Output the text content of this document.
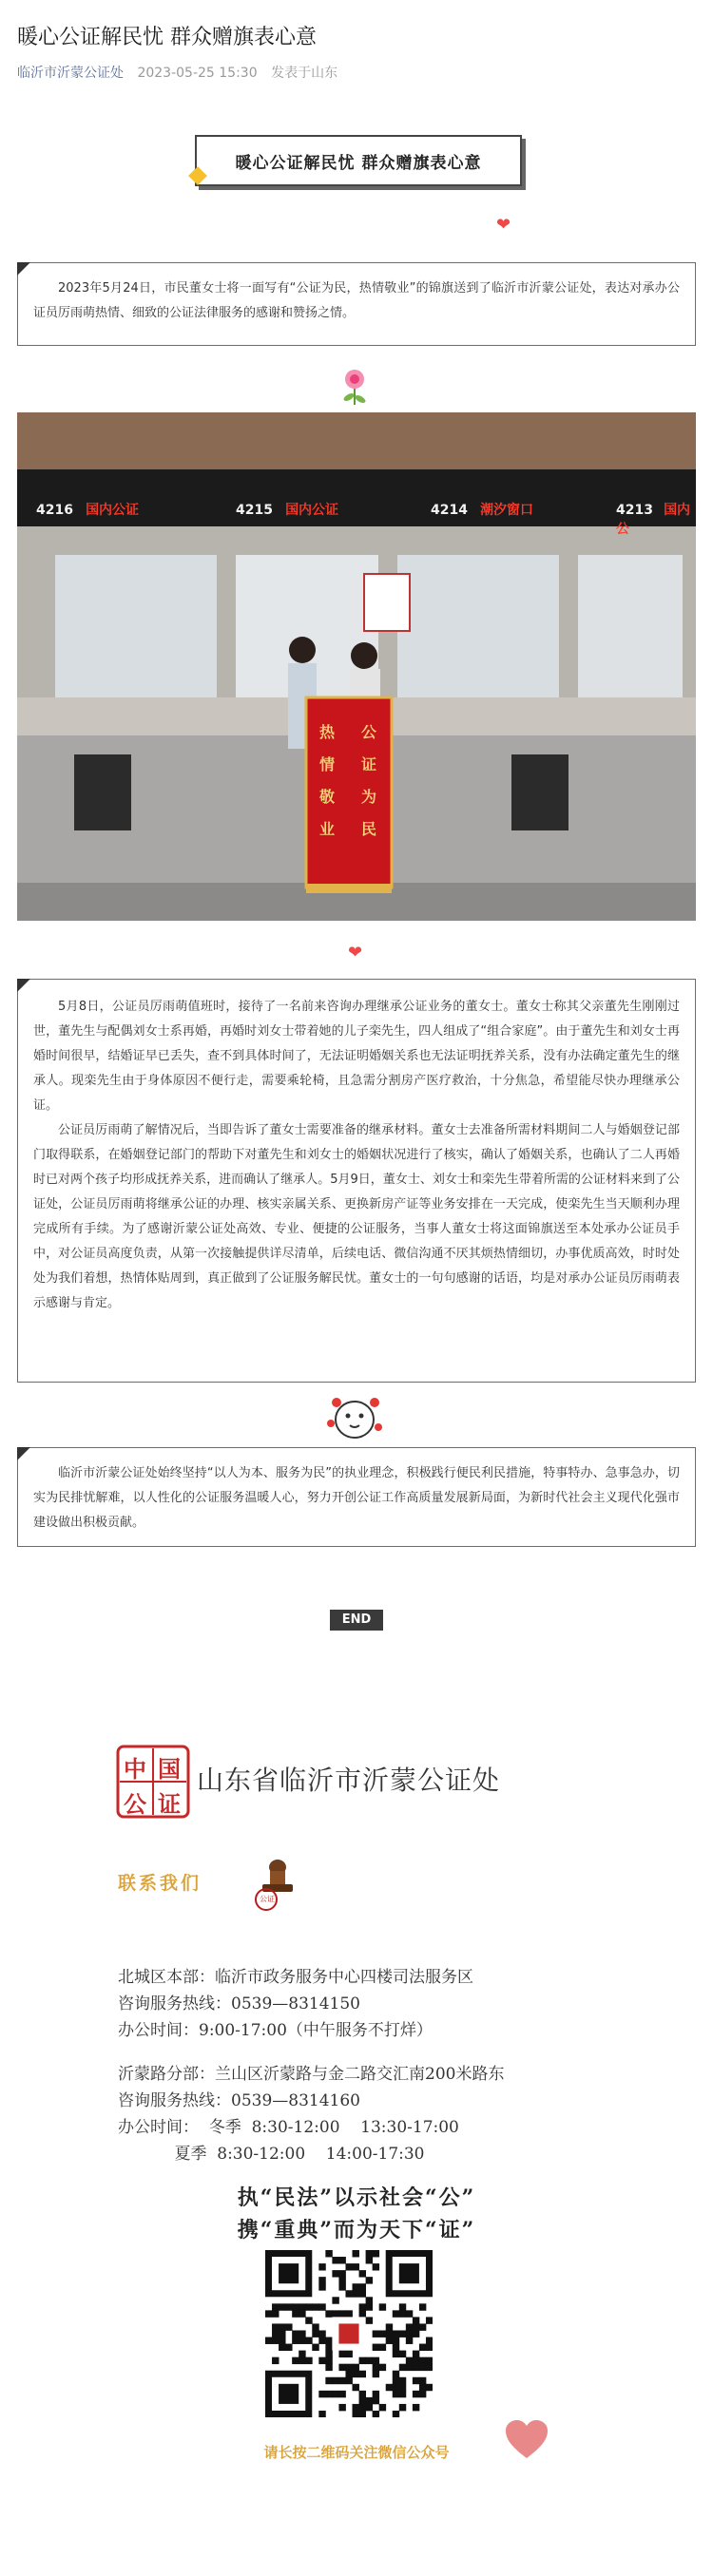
暖心公证解民忧 群众赠旗表心意
临沂市沂蒙公证处 2023-05-25 15:30 发表于山东
暖心公证解民忧 群众赠旗表心意
❤

2023年5月24日，市民董女士将一面写有“公证为民，热情敬业”的锦旗送到了临沂市沂蒙公证处，表达对承办公证员厉雨萌热情、细致的公证法律服务的感谢和赞扬之情。

4216 国内公证	4215 国内公证	4214 潮汐窗口	4213 国内公
热情敬业
公证为民
❤

5月8日，公证员厉雨萌值班时，接待了一名前来咨询办理继承公证业务的董女士。董女士称其父亲董先生刚刚过世，董先生与配偶刘女士系再婚，再婚时刘女士带着她的儿子栾先生，四人组成了“组合家庭”。由于董先生和刘女士再婚时间很早，结婚证早已丢失，查不到具体时间了，无法证明婚姻关系也无法证明抚养关系，没有办法确定董先生的继承人。现栾先生由于身体原因不便行走，需要乘轮椅，且急需分割房产医疗救治，十分焦急，希望能尽快办理继承公证。

公证员厉雨萌了解情况后，当即告诉了董女士需要准备的继承材料。董女士去准备所需材料期间二人与婚姻登记部门取得联系，在婚姻登记部门的帮助下对董先生和刘女士的婚姻状况进行了核实，确认了婚姻关系，也确认了二人再婚时已对两个孩子均形成抚养关系，进而确认了继承人。5月9日，董女士、刘女士和栾先生带着所需的公证材料来到了公证处，公证员厉雨萌将继承公证的办理、核实亲属关系、更换新房产证等业务安排在一天完成，使栾先生当天顺利办理完成所有手续。为了感谢沂蒙公证处高效、专业、便捷的公证服务，当事人董女士将这面锦旗送至本处承办公证员手中，对公证员高度负责，从第一次接触提供详尽清单，后续电话、微信沟通不厌其烦热情细切，办事优质高效，时时处处为我们着想，热情体贴周到，真正做到了公证服务解民忧。董女士的一句句感谢的话语，均是对承办公证员厉雨萌表示感谢与肯定。

临沂市沂蒙公证处始终坚持“以人为本、服务为民”的执业理念，积极践行便民利民措施，特事特办、急事急办，切实为民排忧解难，以人性化的公证服务温暖人心，努力开创公证工作高质量发展新局面，为新时代社会主义现代化强市建设做出积极贡献。

END
中 国
公 证
山东省临沂市沂蒙公证处
联系我们
公证
北城区本部：临沂市政务服务中心四楼司法服务区
咨询服务热线：0539—8314150
办公时间：9:00-17:00（中午服务不打烊）
沂蒙路分部：兰山区沂蒙路与金二路交汇南200米路东
咨询服务热线：0539—8314160
办公时间：  冬季  8:30-12:00    13:30-17:00
夏季  8:30-12:00    14:00-17:30
执“民法”以示社会“公”
携“重典”而为天下“证”
请长按二维码关注微信公众号
